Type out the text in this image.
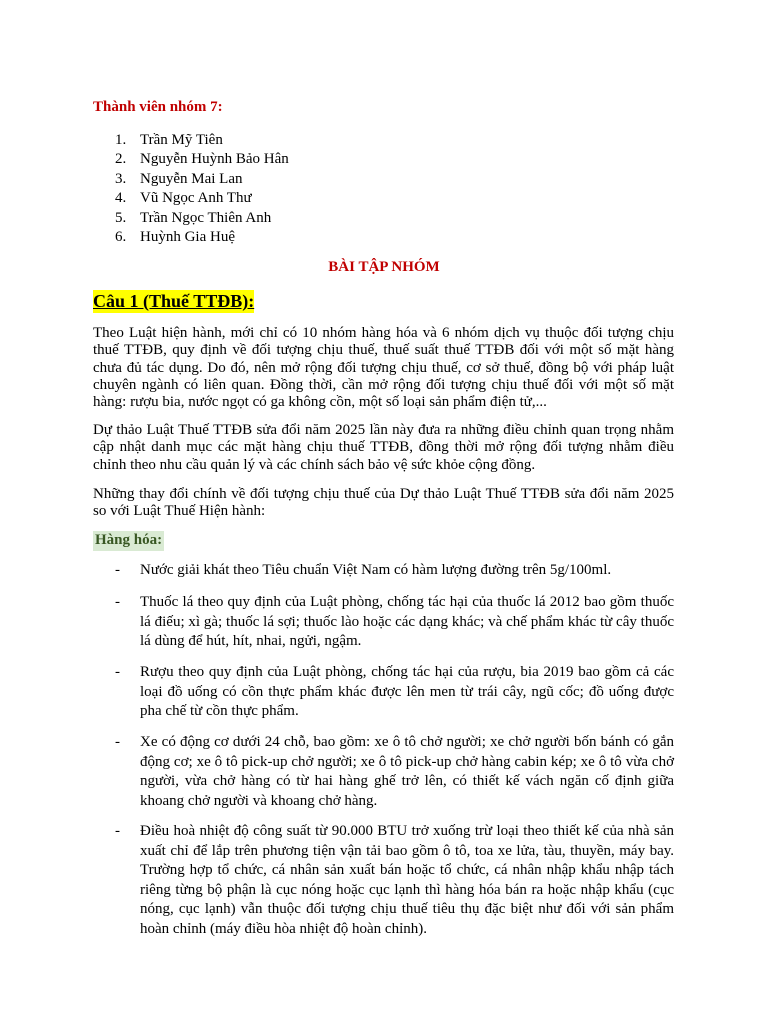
Thành viên nhóm 7:

1. Trần Mỹ Tiên
2. Nguyễn Huỳnh Bảo Hân
3. Nguyễn Mai Lan
4. Vũ Ngọc Anh Thư
5. Trần Ngọc Thiên Anh
6. Huỳnh Gia Huệ
BÀI TẬP NHÓM
Câu 1 (Thuế TTĐB):

Theo Luật hiện hành, mới chỉ có 10 nhóm hàng hóa và 6 nhóm dịch vụ thuộc đối tượng chịu thuế TTĐB, quy định về đối tượng chịu thuế, thuế suất thuế TTĐB đối với một số mặt hàng chưa đủ tác dụng. Do đó, nên mở rộng đối tượng chịu thuế, cơ sở thuế, đồng bộ với pháp luật chuyên ngành có liên quan. Đồng thời, cần mở rộng đối tượng chịu thuế đối với một số mặt hàng: rượu bia, nước ngọt có ga không cồn, một số loại sản phẩm điện tử,...

Dự thảo Luật Thuế TTĐB sửa đổi năm 2025 lần này đưa ra những điều chỉnh quan trọng nhằm cập nhật danh mục các mặt hàng chịu thuế TTĐB, đồng thời mở rộng đối tượng nhằm điều chỉnh theo nhu cầu quản lý và các chính sách bảo vệ sức khỏe cộng đồng.

Những thay đổi chính về đối tượng chịu thuế của Dự thảo Luật Thuế TTĐB sửa đổi năm 2025 so với Luật Thuế Hiện hành:

Hàng hóa:

- Nước giải khát theo Tiêu chuẩn Việt Nam có hàm lượng đường trên 5g/100ml.

- Thuốc lá theo quy định của Luật phòng, chống tác hại của thuốc lá 2012 bao gồm thuốc lá điếu; xì gà; thuốc lá sợi; thuốc lào hoặc các dạng khác; và chế phẩm khác từ cây thuốc lá dùng để hút, hít, nhai, ngửi, ngậm.

- Rượu theo quy định của Luật phòng, chống tác hại của rượu, bia 2019 bao gồm cả các loại đồ uống có cồn thực phẩm khác được lên men từ trái cây, ngũ cốc; đồ uống được pha chế từ cồn thực phẩm.

- Xe có động cơ dưới 24 chỗ, bao gồm: xe ô tô chở người; xe chở người bốn bánh có gắn động cơ; xe ô tô pick-up chở người; xe ô tô pick-up chở hàng cabin kép; xe ô tô vừa chở người, vừa chở hàng có từ hai hàng ghế trở lên, có thiết kế vách ngăn cố định giữa khoang chở người và khoang chở hàng.

- Điều hoà nhiệt độ công suất từ 90.000 BTU trở xuống trừ loại theo thiết kế của nhà sản xuất chỉ để lắp trên phương tiện vận tải bao gồm ô tô, toa xe lửa, tàu, thuyền, máy bay. Trường hợp tổ chức, cá nhân sản xuất bán hoặc tổ chức, cá nhân nhập khẩu nhập tách riêng từng bộ phận là cục nóng hoặc cục lạnh thì hàng hóa bán ra hoặc nhập khẩu (cục nóng, cục lạnh) vẫn thuộc đối tượng chịu thuế tiêu thụ đặc biệt như đối với sản phẩm hoàn chỉnh (máy điều hòa nhiệt độ hoàn chỉnh).
